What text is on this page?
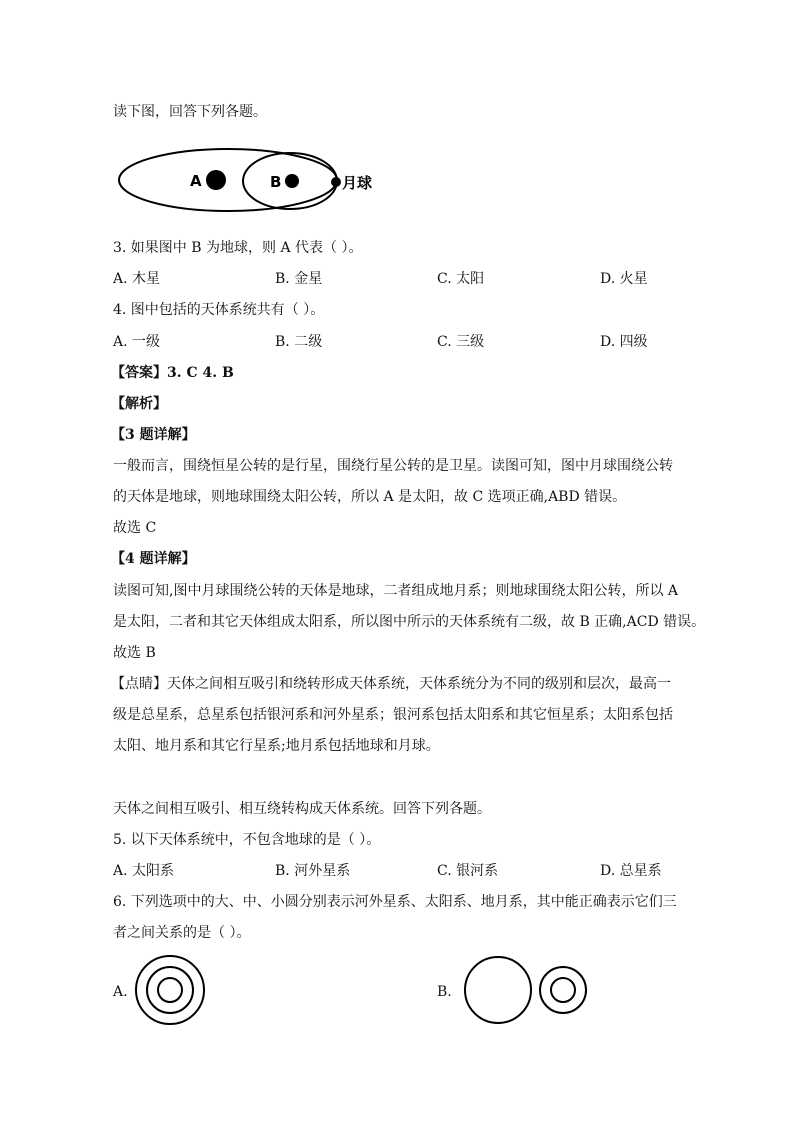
读下图，回答下列各题。
A	B	月球
3. 如果图中 B 为地球，则 A 代表（ ）。
A. 木星	B. 金星	C. 太阳	D. 火星
4. 图中包括的天体系统共有（ ）。
A. 一级	B. 二级	C. 三级	D. 四级
【答案】3. C 4. B
【解析】
【3 题详解】
一般而言，围绕恒星公转的是行星，围绕行星公转的是卫星。读图可知，图中月球围绕公转
的天体是地球，则地球围绕太阳公转，所以 A 是太阳，故 C 选项正确,ABD 错误。
故选 C
【4 题详解】
读图可知,图中月球围绕公转的天体是地球，二者组成地月系；则地球围绕太阳公转，所以 A
是太阳，二者和其它天体组成太阳系，所以图中所示的天体系统有二级，故 B 正确,ACD 错误。
故选 B
【点睛】天体之间相互吸引和绕转形成天体系统，天体系统分为不同的级别和层次，最高一
级是总星系，总星系包括银河系和河外星系；银河系包括太阳系和其它恒星系；太阳系包括
太阳、地月系和其它行星系;地月系包括地球和月球。
天体之间相互吸引、相互绕转构成天体系统。回答下列各题。
5. 以下天体系统中，不包含地球的是（ ）。
A. 太阳系	B. 河外星系	C. 银河系	D. 总星系
6. 下列选项中的大、中、小圆分别表示河外星系、太阳系、地月系，其中能正确表示它们三
者之间关系的是（ ）。
A.	B.
